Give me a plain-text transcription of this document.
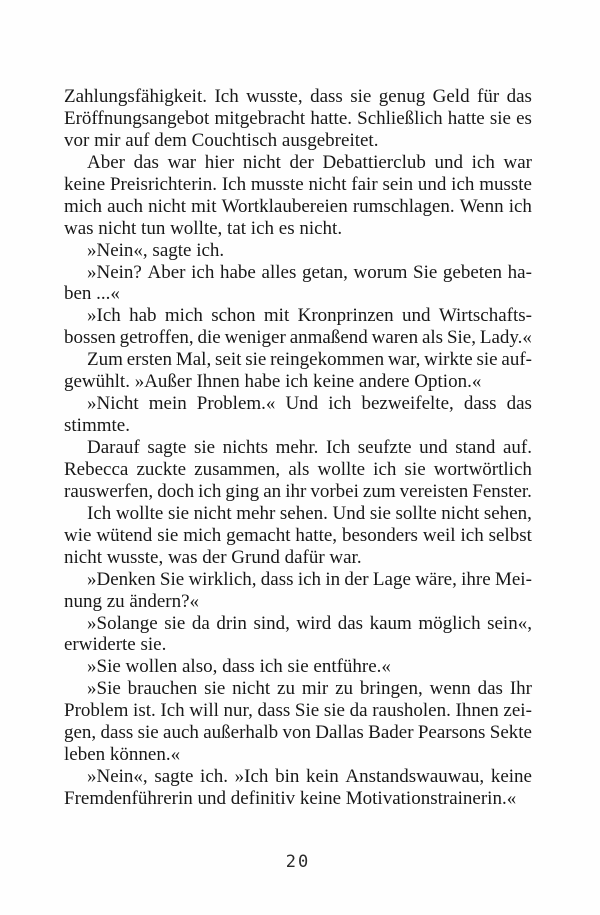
Zahlungsfähigkeit. Ich wusste, dass sie genug Geld für das
Eröffnungsangebot mitgebracht hatte. Schließlich hatte sie es
vor mir auf dem Couchtisch ausgebreitet.
Aber das war hier nicht der Debattierclub und ich war
keine Preisrichterin. Ich musste nicht fair sein und ich musste
mich auch nicht mit Wortklaubereien rumschlagen. Wenn ich
was nicht tun wollte, tat ich es nicht.
»Nein«, sagte ich.
»Nein? Aber ich habe alles getan, worum Sie gebeten ha-
ben ...«
»Ich hab mich schon mit Kronprinzen und Wirtschafts-
bossen getroffen, die weniger anmaßend waren als Sie, Lady.«
Zum ersten Mal, seit sie reingekommen war, wirkte sie auf-
gewühlt. »Außer Ihnen habe ich keine andere Option.«
»Nicht mein Problem.« Und ich bezweifelte, dass das
stimmte.
Darauf sagte sie nichts mehr. Ich seufzte und stand auf.
Rebecca zuckte zusammen, als wollte ich sie wortwörtlich
rauswerfen, doch ich ging an ihr vorbei zum vereisten Fenster.
Ich wollte sie nicht mehr sehen. Und sie sollte nicht sehen,
wie wütend sie mich gemacht hatte, besonders weil ich selbst
nicht wusste, was der Grund dafür war.
»Denken Sie wirklich, dass ich in der Lage wäre, ihre Mei-
nung zu ändern?«
»Solange sie da drin sind, wird das kaum möglich sein«,
erwiderte sie.
»Sie wollen also, dass ich sie entführe.«
»Sie brauchen sie nicht zu mir zu bringen, wenn das Ihr
Problem ist. Ich will nur, dass Sie sie da rausholen. Ihnen zei-
gen, dass sie auch außerhalb von Dallas Bader Pearsons Sekte
leben können.«
»Nein«, sagte ich. »Ich bin kein Anstandswauwau, keine
Fremdenführerin und definitiv keine Motivationstrainerin.«
20
